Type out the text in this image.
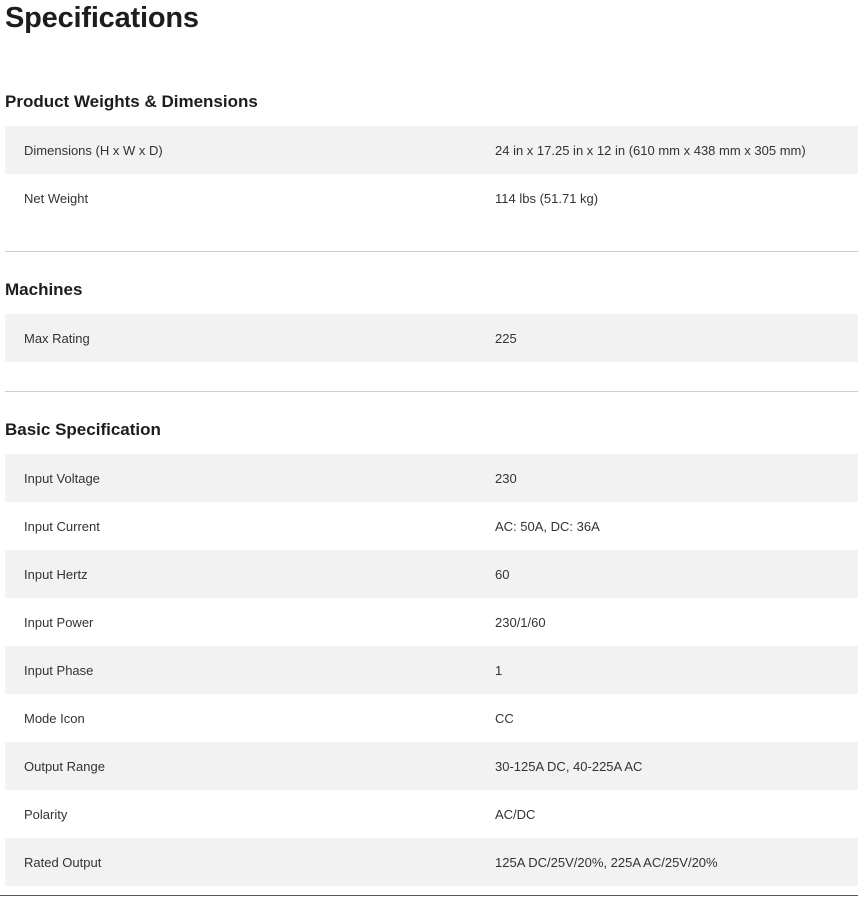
Specifications
Product Weights & Dimensions
Dimensions (H x W x D)	24 in x 17.25 in x 12 in (610 mm x 438 mm x 305 mm)
Net Weight	114 lbs (51.71 kg)
Machines
Max Rating	225
Basic Specification
Input Voltage	230
Input Current	AC: 50A, DC: 36A
Input Hertz	60
Input Power	230/1/60
Input Phase	1
Mode Icon	CC
Output Range	30-125A DC, 40-225A AC
Polarity	AC/DC
Rated Output	125A DC/25V/20%, 225A AC/25V/20%
